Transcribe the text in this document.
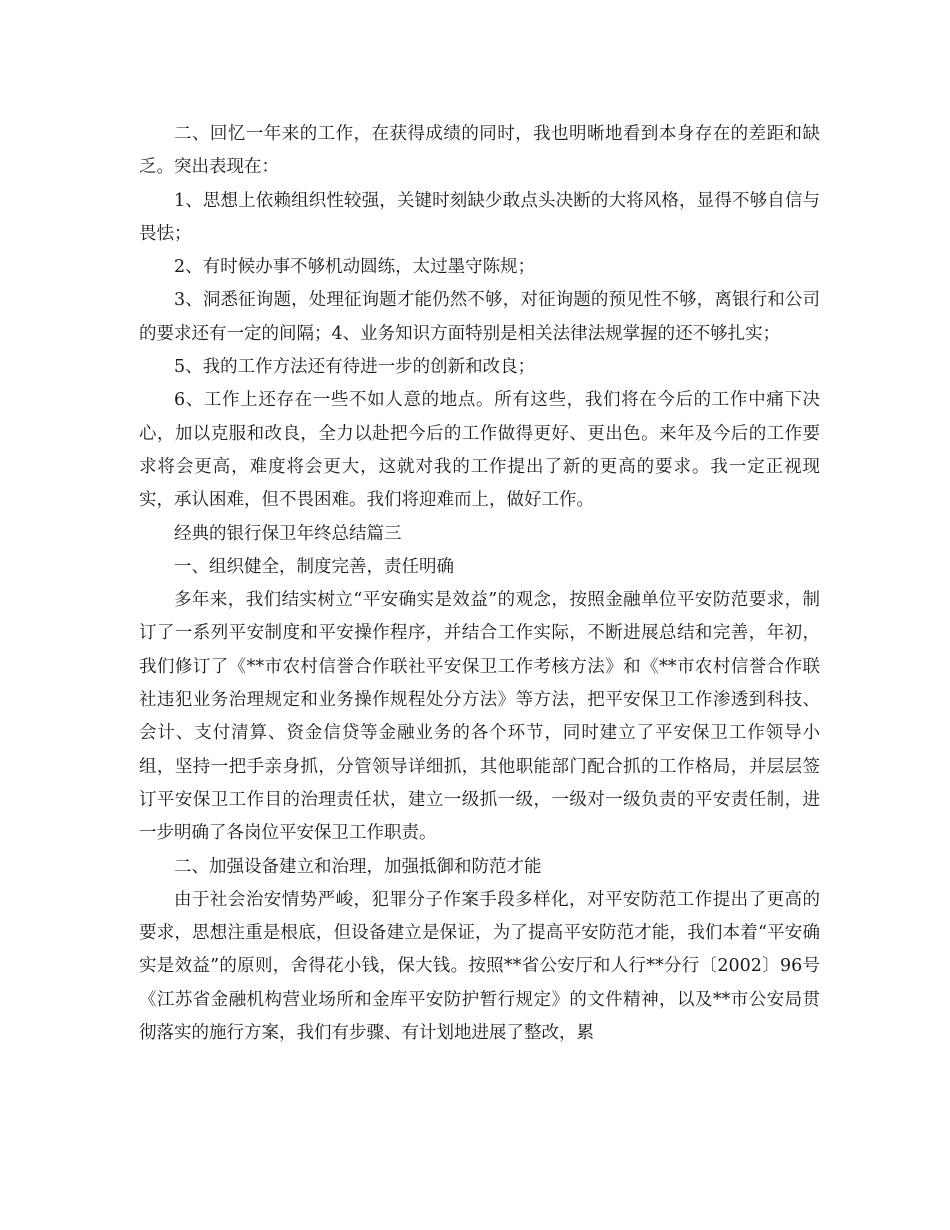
二、回忆一年来的工作，在获得成绩的同时，我也明晰地看到本身存在的差距和缺乏。突出表现在：

1、思想上依赖组织性较强，关键时刻缺少敢点头决断的大将风格，显得不够自信与畏怯；

2、有时候办事不够机动圆练，太过墨守陈规；

3、洞悉征询题，处理征询题才能仍然不够，对征询题的预见性不够，离银行和公司的要求还有一定的间隔；4、业务知识方面特别是相关法律法规掌握的还不够扎实；

5、我的工作方法还有待进一步的创新和改良；

6、工作上还存在一些不如人意的地点。所有这些，我们将在今后的工作中痛下决心，加以克服和改良，全力以赴把今后的工作做得更好、更出色。来年及今后的工作要求将会更高，难度将会更大，这就对我的工作提出了新的更高的要求。我一定正视现实，承认困难，但不畏困难。我们将迎难而上，做好工作。

经典的银行保卫年终总结篇三

一、组织健全，制度完善，责任明确

多年来，我们结实树立“平安确实是效益”的观念，按照金融单位平安防范要求，制订了一系列平安制度和平安操作程序，并结合工作实际，不断进展总结和完善，年初，我们修订了《**市农村信誉合作联社平安保卫工作考核方法》和《**市农村信誉合作联社违犯业务治理规定和业务操作规程处分方法》等方法，把平安保卫工作渗透到科技、会计、支付清算、资金信贷等金融业务的各个环节，同时建立了平安保卫工作领导小组，坚持一把手亲身抓，分管领导详细抓，其他职能部门配合抓的工作格局，并层层签订平安保卫工作目的治理责任状，建立一级抓一级，一级对一级负责的平安责任制，进一步明确了各岗位平安保卫工作职责。

二、加强设备建立和治理，加强抵御和防范才能

由于社会治安情势严峻，犯罪分子作案手段多样化，对平安防范工作提出了更高的要求，思想注重是根底，但设备建立是保证，为了提高平安防范才能，我们本着“平安确实是效益”的原则，舍得花小钱，保大钱。按照**省公安厅和人行**分行〔2002〕96号《江苏省金融机构营业场所和金库平安防护暂行规定》的文件精神，以及**市公安局贯彻落实的施行方案，我们有步骤、有计划地进展了整改，累
